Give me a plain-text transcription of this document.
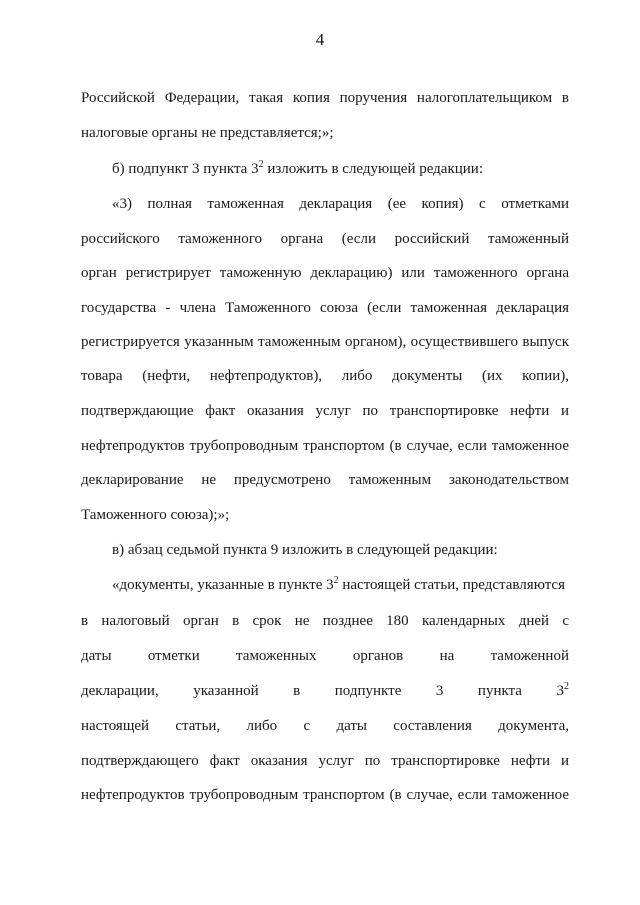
4
Российской Федерации, такая копия поручения налогоплательщиком в
налоговые органы не представляется;»;
б) подпункт 3 пункта $3^2$ изложить в следующей редакции:
«3) полная таможенная декларация (ее копия) с отметками
российского таможенного органа (если российский таможенный
орган регистрирует таможенную декларацию) или таможенного органа
государства - члена Таможенного союза (если таможенная декларация
регистрируется указанным таможенным органом), осуществившего выпуск
товара (нефти, нефтепродуктов), либо документы (их копии),
подтверждающие факт оказания услуг по транспортировке нефти и
нефтепродуктов трубопроводным транспортом (в случае, если таможенное
декларирование не предусмотрено таможенным законодательством
Таможенного союза);»;
в) абзац седьмой пункта 9 изложить в следующей редакции:
«документы, указанные в пункте $3^2$ настоящей статьи, представляются
в налоговый орган в срок не позднее 180 календарных дней с
даты отметки таможенных органов на таможенной
декларации, указанной в подпункте 3 пункта $3^2$
настоящей статьи, либо с даты составления документа,
подтверждающего факт оказания услуг по транспортировке нефти и
нефтепродуктов трубопроводным транспортом (в случае, если таможенное
